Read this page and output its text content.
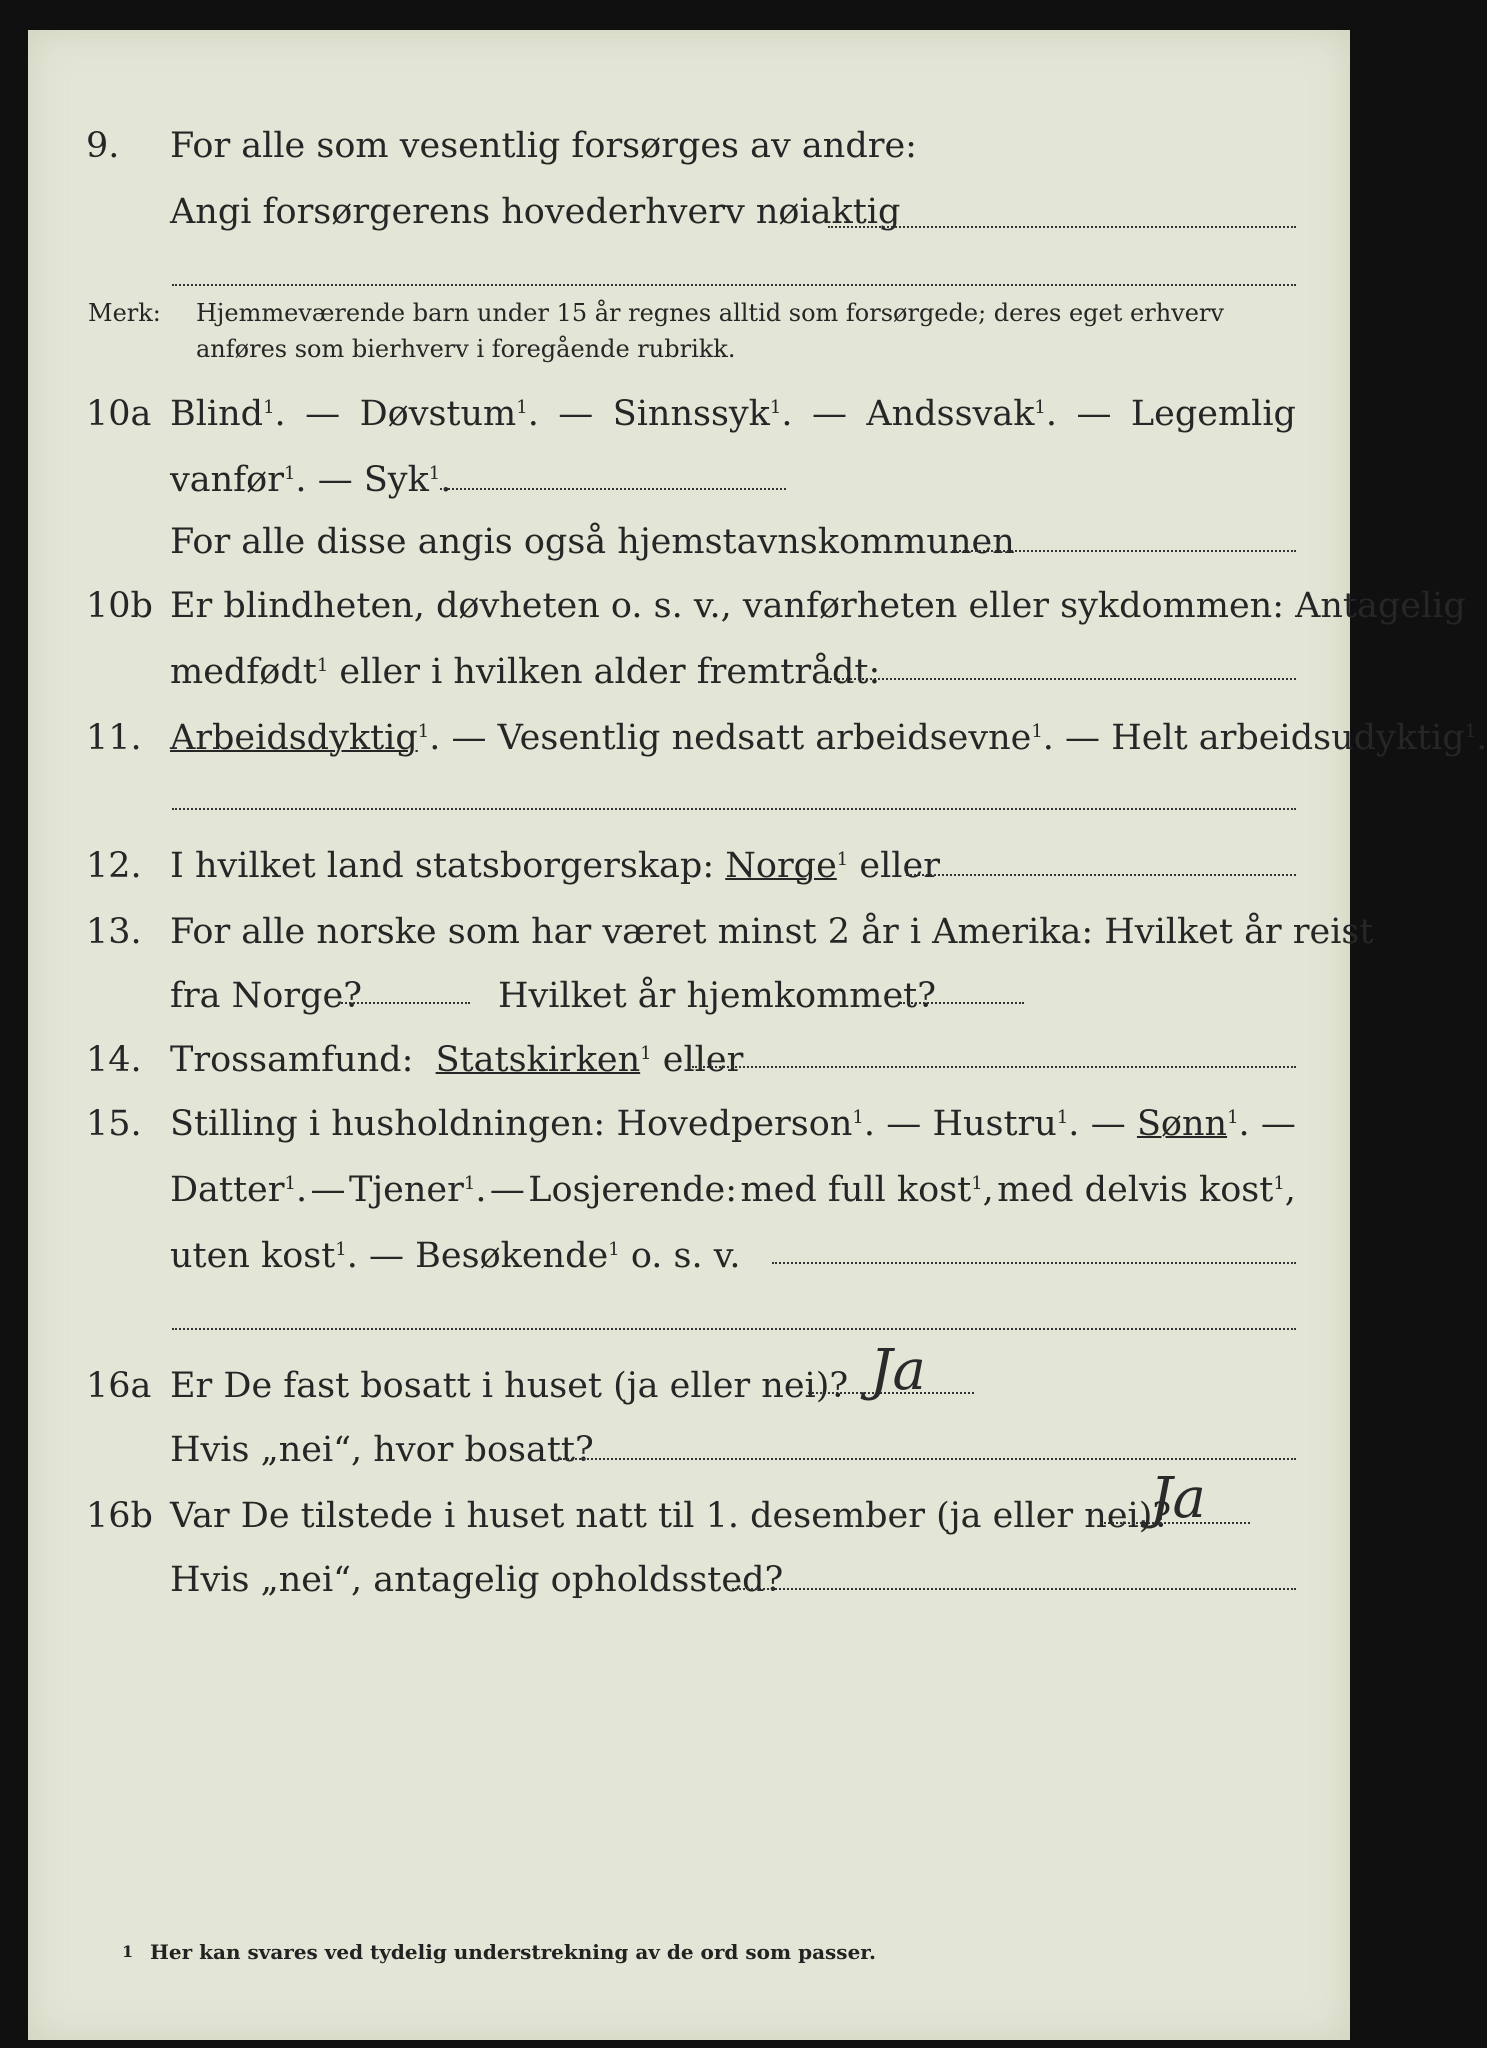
9. For alle som vesentlig forsørges av andre:
Angi forsørgerens hovederhverv nøiaktig
Merk: Hjemmeværende barn under 15 år regnes alltid som forsørgede; deres eget erhverv
anføres som bierhverv i foregående rubrikk.
10a Blind$^1$. — Døvstum$^1$. — Sinnssyk$^1$. — Andssvak$^1$. — Legemlig
vanfør$^1$. — Syk$^1$.
For alle disse angis også hjemstavnskommunen
10b Er blindheten, døvheten o. s. v., vanførheten eller sykdommen: Antagelig
medfødt$^1$ eller i hvilken alder fremtrådt:
11. Arbeidsdyktig$^1$. — Vesentlig nedsatt arbeidsevne$^1$. — Helt arbeidsudyktig$^1$.
12. I hvilket land statsborgerskap: Norge$^1$ eller
13. For alle norske som har været minst 2 år i Amerika: Hvilket år reist
fra Norge?	Hvilket år hjemkommet?
14. Trossamfund: Statskirken$^1$ eller
15. Stilling i husholdningen: Hovedperson$^1$. — Hustru$^1$. — Sønn$^1$. —
Datter$^1$. — Tjener$^1$. — Losjerende: med full kost$^1$, med delvis kost$^1$,
uten kost$^1$. — Besøkende$^1$ o. s. v.
16a Er De fast bosatt i huset (ja eller nei)? Ja
Hvis „nei“, hvor bosatt?
16b Var De tilstede i huset natt til 1. desember (ja eller nei)?
Ja
Hvis „nei“, antagelig opholdssted?
1 Her kan svares ved tydelig understrekning av de ord som passer.
